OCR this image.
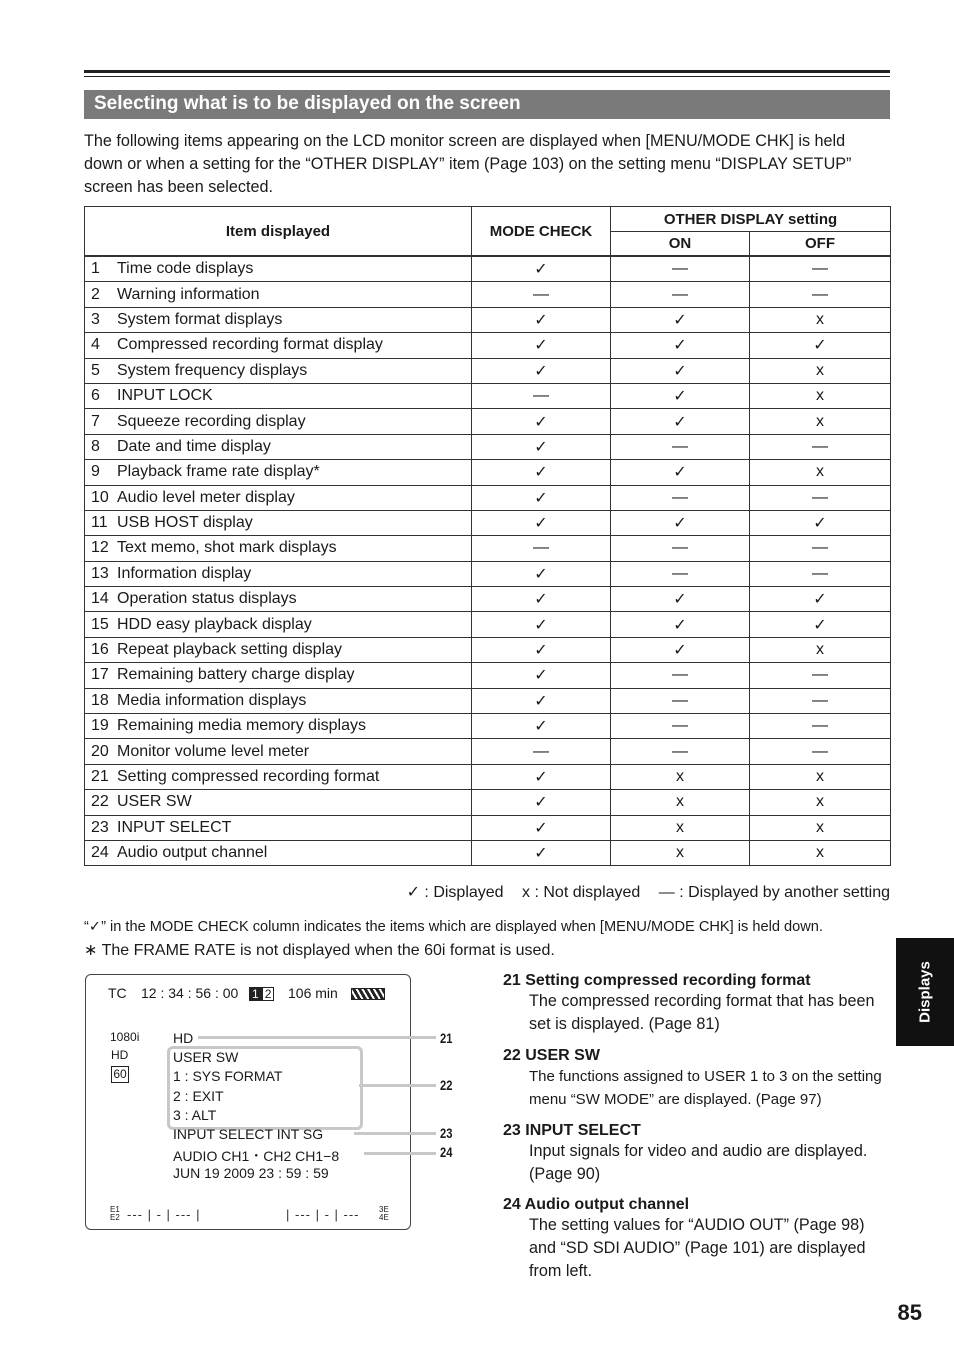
Selecting what is to be displayed on the screen
The following items appearing on the LCD monitor screen are displayed when [MENU/MODE CHK] is held down or when a setting for the “OTHER DISPLAY” item (Page 103) on the setting menu “DISPLAY SETUP” screen has been selected.
Item displayed	MODE CHECK	OTHER DISPLAY setting	
		ON	OFF
1 Time code displays	✓	—	—
2 Warning information	—	—	—
3 System format displays	✓	✓	x
4 Compressed recording format display	✓	✓	✓
5 System frequency displays	✓	✓	x
6 INPUT LOCK	—	✓	x
7 Squeeze recording display	✓	✓	x
8 Date and time display	✓	—	—
9 Playback frame rate display*	✓	✓	x
10 Audio level meter display	✓	—	—
11 USB HOST display	✓	✓	✓
12 Text memo, shot mark displays	—	—	—
13 Information display	✓	—	—
14 Operation status displays	✓	✓	✓
15 HDD easy playback display	✓	✓	✓
16 Repeat playback setting display	✓	✓	x
17 Remaining battery charge display	✓	—	—
18 Media information displays	✓	—	—
19 Remaining media memory displays	✓	—	—
20 Monitor volume level meter	—	—	—
21 Setting compressed recording format	✓	x	x
22 USER SW	✓	x	x
23 INPUT SELECT	✓	x	x
24 Audio output channel	✓	x	x
✓ : Displayed x : Not displayed — : Displayed by another setting
“✓” in the MODE CHECK column indicates the items which are displayed when [MENU/MODE CHK] is held down.
∗ The FRAME RATE is not displayed when the 60i format is used.
TC 12 : 34 : 56 : 00 1 2 106 min
1080i
HD
60
HD
USER SW
1 : SYS FORMAT
2 : EXIT
3 : ALT
INPUT SELECT INT SG
AUDIO CH1・CH2 CH1−8
JUN 19 2009 23 : 59 : 59
E1
E2 --- | - | --- |	| --- | - | --- 3E
4E
21
22
23
24
21 Setting compressed recording format
The compressed recording format that has been set is displayed. (Page 81)
22 USER SW
The functions assigned to USER 1 to 3 on the setting menu “SW MODE” are displayed. (Page 97)
23 INPUT SELECT
Input signals for video and audio are displayed. (Page 90)
24 Audio output channel
The setting values for “AUDIO OUT” (Page 98) and “SD SDI AUDIO” (Page 101) are displayed from left.
Displays
85
